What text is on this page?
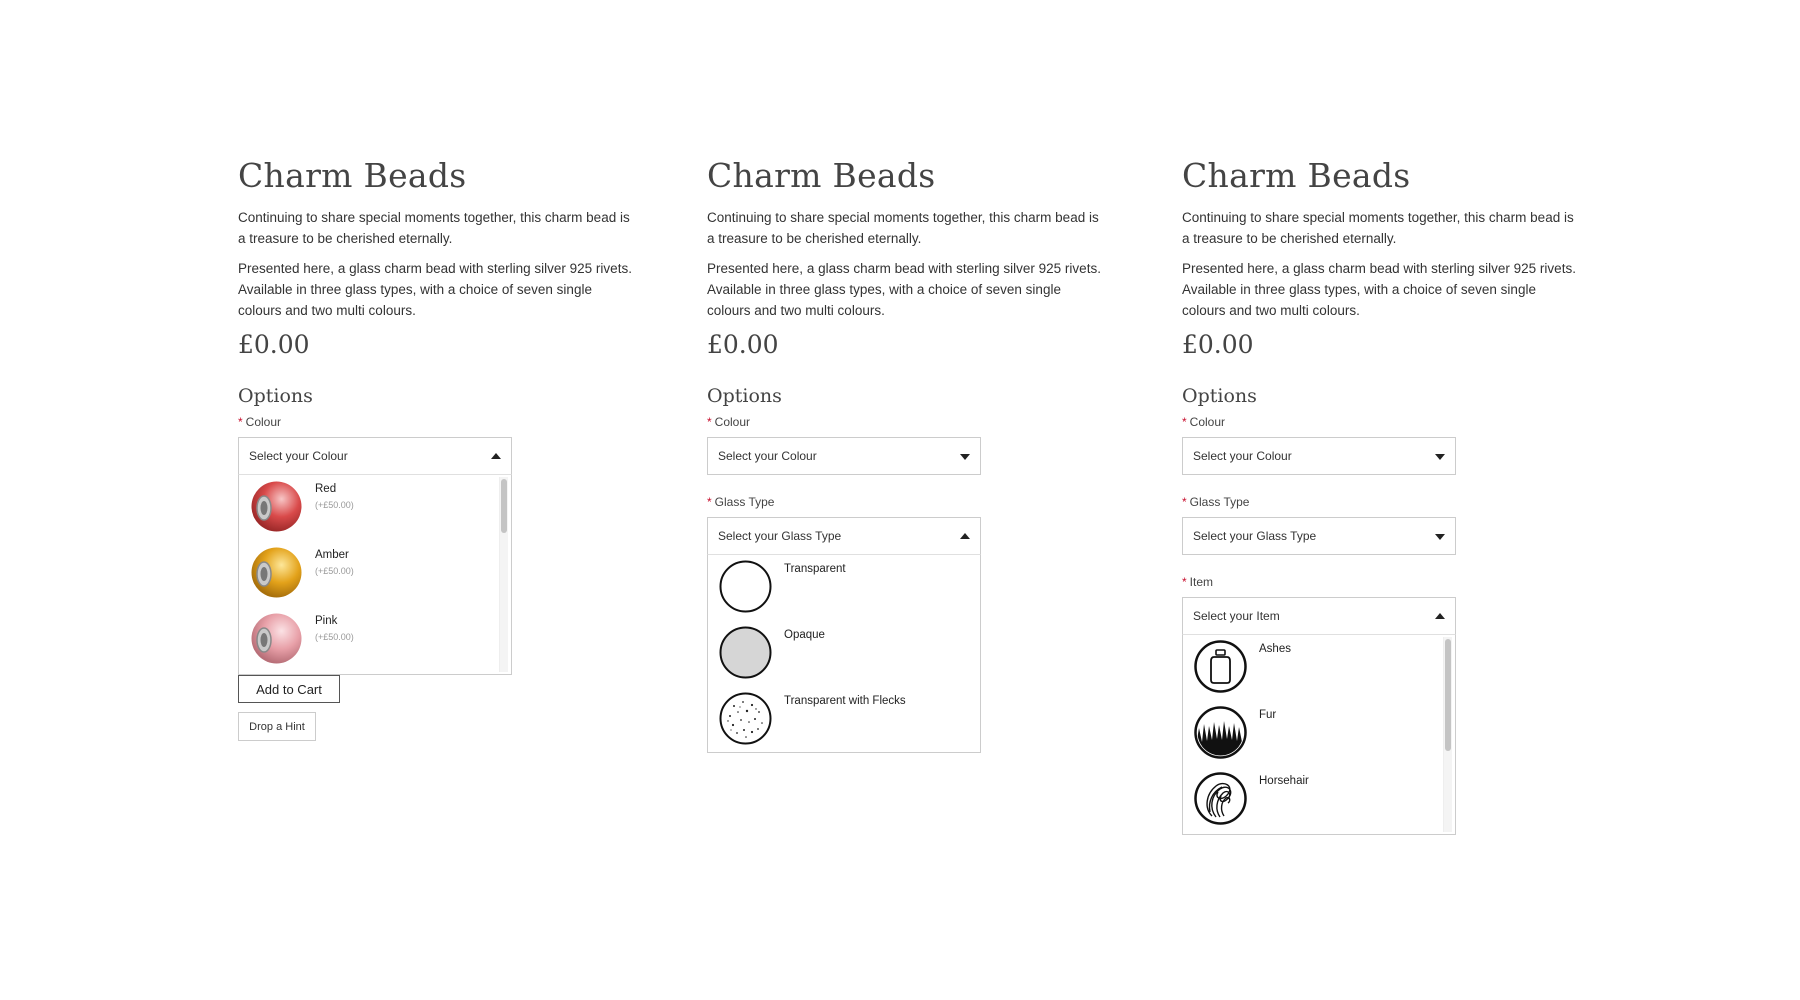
Charm Beads

Continuing to share special moments together, this charm bead is a treasure to be cherished eternally.

Presented here, a glass charm bead with sterling silver 925 rivets. Available in three glass types, with a choice of seven single colours and two multi colours.

£0.00
Options
* Colour
Select your Colour
Red
(+£50.00)
Amber
(+£50.00)
Pink
(+£50.00)
Add to Cart
Drop a Hint
Charm Beads

Continuing to share special moments together, this charm bead is a treasure to be cherished eternally.

Presented here, a glass charm bead with sterling silver 925 rivets. Available in three glass types, with a choice of seven single colours and two multi colours.

£0.00
Options
* Colour
Select your Colour
* Glass Type
Select your Glass Type
Transparent
Opaque
Transparent with Flecks
Charm Beads

Continuing to share special moments together, this charm bead is a treasure to be cherished eternally.

Presented here, a glass charm bead with sterling silver 925 rivets. Available in three glass types, with a choice of seven single colours and two multi colours.

£0.00
Options
* Colour
Select your Colour
* Glass Type
Select your Glass Type
* Item
Select your Item
Ashes
Fur
Horsehair
